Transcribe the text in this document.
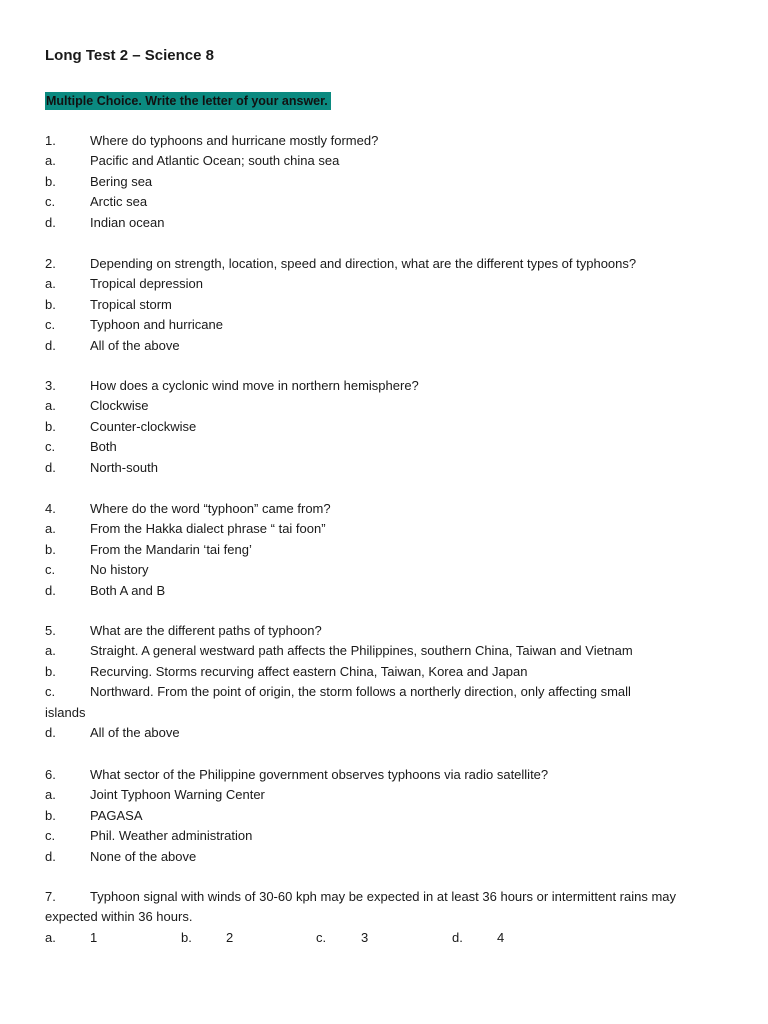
Long Test 2 – Science 8
Multiple Choice. Write the letter of your answer.
1.	Where do typhoons and hurricane mostly formed?
a.	Pacific and Atlantic Ocean; south china sea
b.	Bering sea
c.	Arctic sea
d.	Indian ocean
2.	Depending on strength, location, speed and direction, what are the different types of typhoons?
a.	Tropical depression
b.	Tropical storm
c.	Typhoon and hurricane
d.	All of the above
3.	How does a cyclonic wind move in northern hemisphere?
a.	Clockwise
b.	Counter-clockwise
c.	Both
d.	North-south
4.	Where do the word “typhoon” came from?
a.	From the Hakka dialect phrase “ tai foon”
b.	From the Mandarin ‘tai feng’
c.	No history
d.	Both A and B
5.	What are the different paths of typhoon?
a.	Straight. A general westward path affects the Philippines, southern China, Taiwan and Vietnam
b.	Recurving. Storms recurving affect eastern China, Taiwan, Korea and Japan
c.	Northward. From the point of origin, the storm follows a northerly direction, only affecting small
islands
d.	All of the above
6.	What sector of the Philippine government observes typhoons via radio satellite?
a.	Joint Typhoon Warning Center
b.	PAGASA
c.	Phil. Weather administration
d.	None of the above
7.	Typhoon signal with winds of 30-60 kph may be expected in at least 36 hours or intermittent rains may
expected within 36 hours.
a.	1	b.	2	c.	3	d.	4
